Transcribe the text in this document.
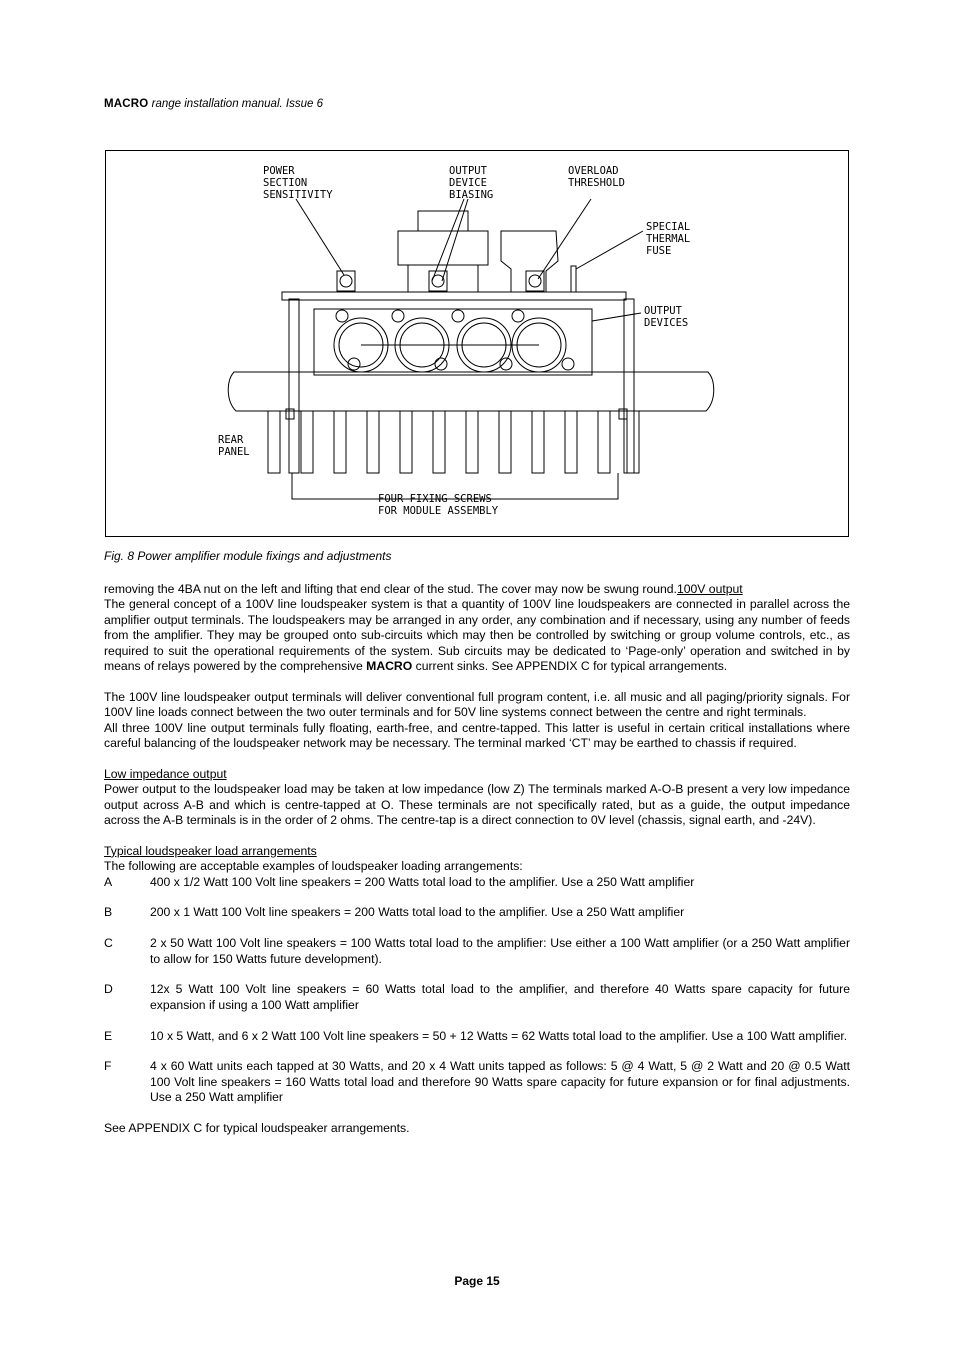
MACRO range installation manual. Issue 6
POWER
SECTION
SENSITIVITY
OUTPUT
DEVICE
BIASING
OVERLOAD
THRESHOLD
SPECIAL
THERMAL
FUSE
OUTPUT
DEVICES
REAR
PANEL
FOUR FIXING SCREWS
FOR MODULE ASSEMBLY
Fig. 8 Power amplifier module fixings and adjustments

removing the 4BA nut on the left and lifting that end clear of the stud. The cover may now be swung round.100V output

The general concept of a 100V line loudspeaker system is that a quantity of 100V line loudspeakers are connected in parallel across the amplifier output terminals. The loudspeakers may be arranged in any order, any combination and if necessary, using any number of feeds from the amplifier. They may be grouped onto sub-circuits which may then be controlled by switching or group volume controls, etc., as required to suit the operational requirements of the system. Sub circuits may be dedicated to ‘Page-only’ operation and switched in by means of relays powered by the comprehensive MACRO current sinks. See APPENDIX C for typical arrangements.

The 100V line loudspeaker output terminals will deliver conventional full program content, i.e. all music and all paging/priority signals. For 100V line loads connect between the two outer terminals and for 50V line systems connect between the centre and right terminals.

All three 100V line output terminals fully floating, earth-free, and centre-tapped. This latter is useful in certain critical installations where careful balancing of the loudspeaker network may be necessary. The terminal marked ‘CT’ may be earthed to chassis if required.

Low impedance output

Power output to the loudspeaker load may be taken at low impedance (low Z) The terminals marked A-O-B present a very low impedance output across A-B and which is centre-tapped at O. These terminals are not specifically rated, but as a guide, the output impedance across the A-B terminals is in the order of 2 ohms. The centre-tap is a direct connection to 0V level (chassis, signal earth, and -24V).

Typical loudspeaker load arrangements

The following are acceptable examples of loudspeaker loading arrangements:

A	400 x 1/2 Watt 100 Volt line speakers = 200 Watts total load to the amplifier. Use a 250 Watt amplifier
B	200 x 1 Watt 100 Volt line speakers = 200 Watts total load to the amplifier. Use a 250 Watt amplifier
C	2 x 50 Watt 100 Volt line speakers = 100 Watts total load to the amplifier: Use either a 100 Watt amplifier (or a 250 Watt amplifier to allow for 150 Watts future development).
D	12x 5 Watt 100 Volt line speakers = 60 Watts total load to the amplifier, and therefore 40 Watts spare capacity for future expansion if using a 100 Watt amplifier
E	10 x 5 Watt, and 6 x 2 Watt 100 Volt line speakers = 50 + 12 Watts = 62 Watts total load to the amplifier. Use a 100 Watt amplifier.
F	4 x 60 Watt units each tapped at 30 Watts, and 20 x 4 Watt units tapped as follows: 5 @ 4 Watt, 5 @ 2 Watt and 20 @ 0.5 Watt 100 Volt line speakers = 160 Watts total load and therefore 90 Watts spare capacity for future expansion or for final adjustments. Use a 250 Watt amplifier

See APPENDIX C for typical loudspeaker arrangements.

Page 15
